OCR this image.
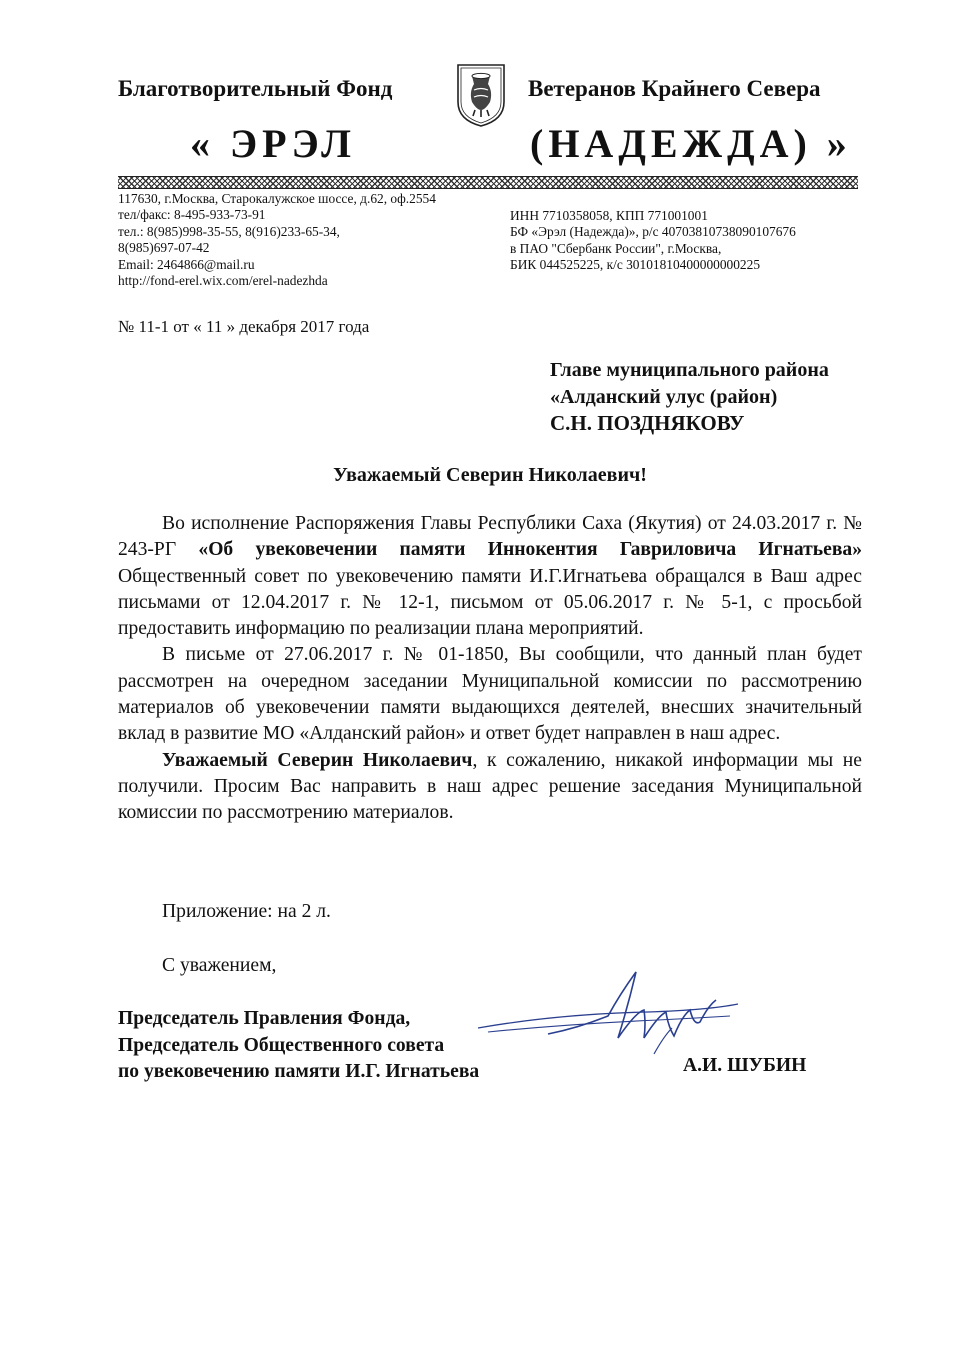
Благотворительный Фонд	Ветеранов Крайнего Севера
« ЭРЭЛ	(НАДЕЖДА) »
117630, г.Москва, Старокалужское шоссе, д.62, оф.2554
тел/факс: 8-495-933-73-91
тел.: 8(985)998-35-55, 8(916)233-65-34,
8(985)697-07-42
Email: 2464866@mail.ru
http://fond-erel.wix.com/erel-nadezhda
ИНН 7710358058, КПП 771001001
БФ «Эрэл (Надежда)», р/с 40703810738090107676
в ПАО "Сбербанк России", г.Москва,
БИК 044525225, к/с 30101810400000000225
№ 11-1 от « 11 » декабря 2017 года
Главе муниципального района
«Алданский улус (район)
С.Н. ПОЗДНЯКОВУ
Уважаемый Северин Николаевич!

Во исполнение Распоряжения Главы Республики Саха (Якутия) от 24.03.2017 г. № 243-РГ «Об увековечении памяти Иннокентия Гавриловича Игнатьева» Общественный совет по увековечению памяти И.Г.Игнатьева обращался в Ваш адрес письмами от 12.04.2017 г. № 12-1, письмом от 05.06.2017 г. № 5-1, с просьбой предоставить информацию по реализации плана мероприятий.

В письме от 27.06.2017 г. № 01-1850, Вы сообщили, что данный план будет рассмотрен на очередном заседании Муниципальной комиссии по рассмотрению материалов об увековечении памяти выдающихся деятелей, внесших значительный вклад в развитие МО «Алданский район» и ответ будет направлен в наш адрес.

Уважаемый Северин Николаевич, к сожалению, никакой информации мы не получили. Просим Вас направить в наш адрес решение заседания Муниципальной комиссии по рассмотрению материалов.

Приложение: на 2 л.
С уважением,
Председатель Правления Фонда,
Председатель Общественного совета
по увековечению памяти И.Г. Игнатьева	А.И. ШУБИН
